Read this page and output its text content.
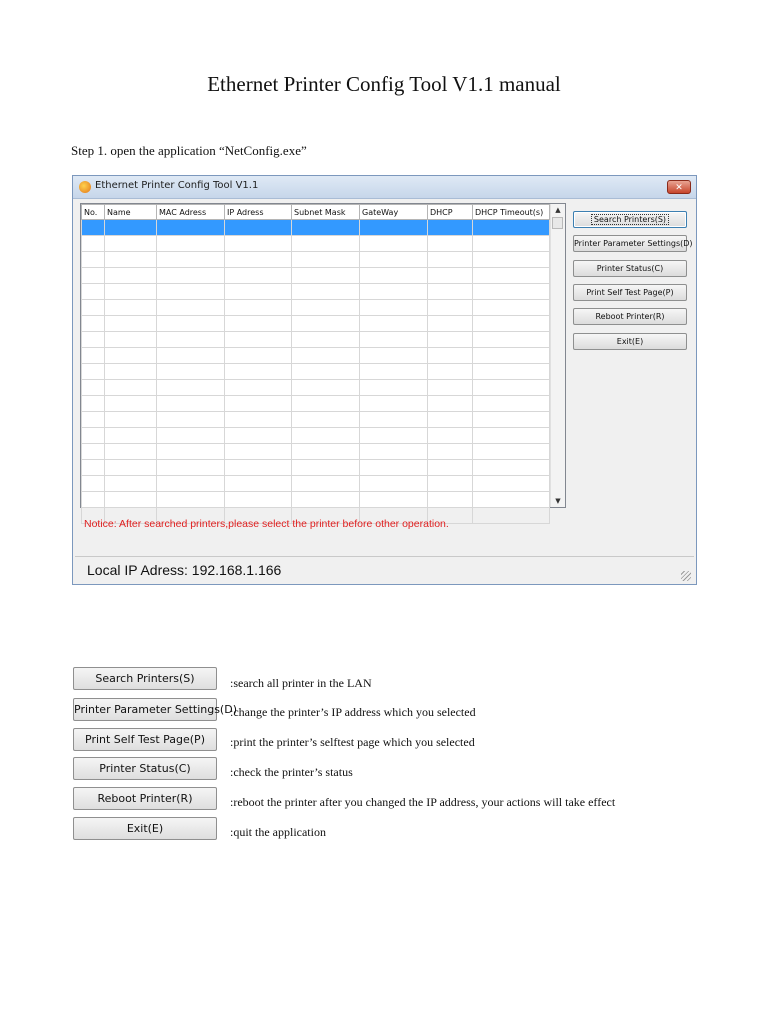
Ethernet Printer Config Tool V1.1 manual
Step 1. open the application “NetConfig.exe”
Ethernet Printer Config Tool V1.1	✕
No.	Name	MAC Adress	IP Adress	Subnet Mask	GateWay	DHCP	DHCP Timeout(s)

								▲
▼
Search Printers(S)
Printer Parameter Settings(D)
Printer Status(C)
Print Self Test Page(P)
Reboot Printer(R)
Exit(E)
Notice: After searched printers,please select the printer before other operation.
Local IP Adress: 192.168.1.166
Search Printers(S)	:search all printer in the LAN
Printer Parameter Settings(D)
:change the printer’s IP address which you selected
Print Self Test Page(P)	:print the printer’s selftest page which you selected
Printer Status(C)	:check the printer’s status
Reboot Printer(R)	:reboot the printer after you changed the IP address, your actions will take effect
Exit(E)	:quit the application
